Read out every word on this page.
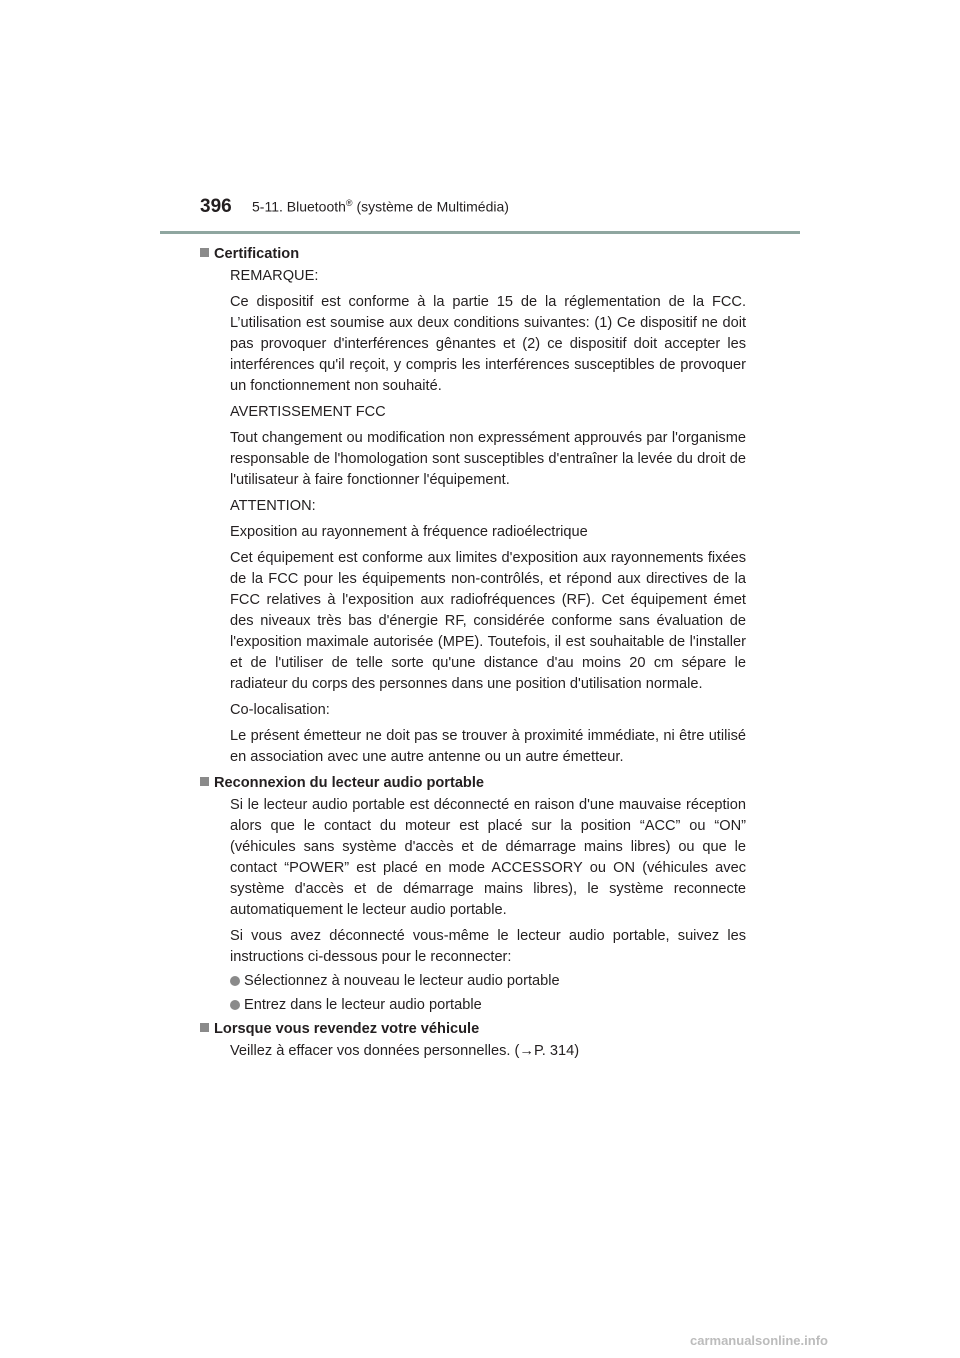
396	5-11. Bluetooth® (système de Multimédia)
Certification
REMARQUE:
Ce dispositif est conforme à la partie 15 de la réglementation de la FCC. L’utilisation est soumise aux deux conditions suivantes: (1) Ce dispositif ne doit pas provoquer d'interférences gênantes et (2) ce dispositif doit accepter les interférences qu'il reçoit, y compris les interférences susceptibles de provoquer un fonctionnement non souhaité.
AVERTISSEMENT FCC
Tout changement ou modification non expressément approuvés par l'organisme responsable de l'homologation sont susceptibles d'entraîner la levée du droit de l'utilisateur à faire fonctionner l'équipement.
ATTENTION:
Exposition au rayonnement à fréquence radioélectrique
Cet équipement est conforme aux limites d'exposition aux rayonnements fixées de la FCC pour les équipements non-contrôlés, et répond aux directives de la FCC relatives à l'exposition aux radiofréquences (RF). Cet équipement émet des niveaux très bas d'énergie RF, considérée conforme sans évaluation de l'exposition maximale autorisée (MPE). Toutefois, il est souhaitable de l'installer et de l'utiliser de telle sorte qu'une distance d'au moins 20 cm sépare le radiateur du corps des personnes dans une position d'utilisation normale.
Co-localisation:
Le présent émetteur ne doit pas se trouver à proximité immédiate, ni être utilisé en association avec une autre antenne ou un autre émetteur.
Reconnexion du lecteur audio portable
Si le lecteur audio portable est déconnecté en raison d'une mauvaise réception alors que le contact du moteur est placé sur la position “ACC” ou “ON” (véhicules sans système d'accès et de démarrage mains libres) ou que le contact “POWER” est placé en mode ACCESSORY ou ON (véhicules avec système d'accès et de démarrage mains libres), le système reconnecte automatiquement le lecteur audio portable.
Si vous avez déconnecté vous-même le lecteur audio portable, suivez les instructions ci-dessous pour le reconnecter:
Sélectionnez à nouveau le lecteur audio portable
Entrez dans le lecteur audio portable
Lorsque vous revendez votre véhicule
Veillez à effacer vos données personnelles. (→P. 314)
carmanualsonline.info
